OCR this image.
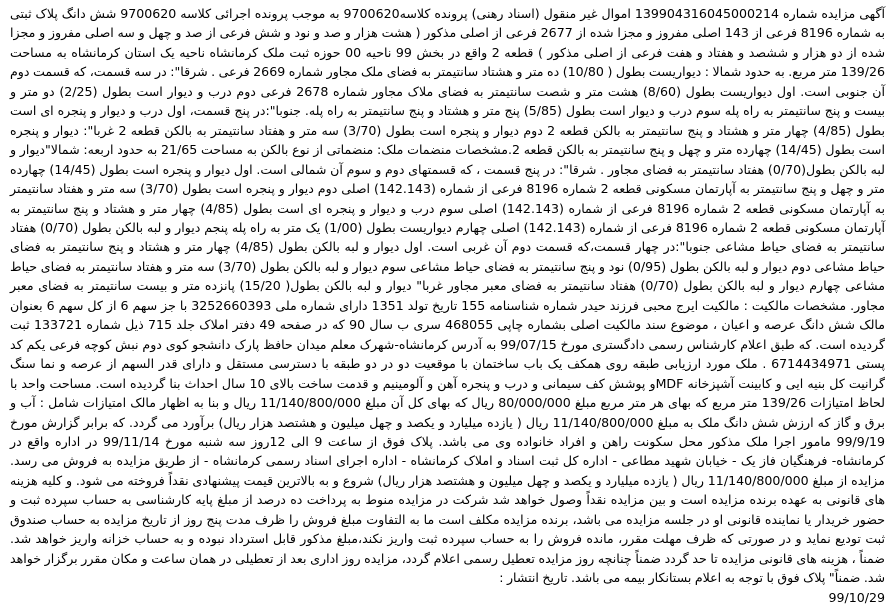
آگهی مزایده شماره 139904316045000214 اموال غیر منقول (اسناد رهنی) پرونده کلاسه9700620 به موجب پرونده اجرائی کلاسه 9700620 شش دانگ پلاک ثبتی به شماره 8196 فرعی از 143 اصلی مفروز و مجزا شده از 2677 فرعی از اصلی مذکور ( هشت هزار و صد و نود و شش فرعی از صد و چهل و سه اصلی مفروز و مجزا شده از دو هزار و ششصد و هفتاد و هفت فرعی از اصلی مذکور ) قطعه 2 واقع در بخش 99 ناحیه 00 حوزه ثبت ملک کرمانشاه ناحیه یک استان کرمانشاه به مساحت 139/26 متر مربع. به حدود شمالا : دیواریست بطول ( 10/80) ده متر و هشتاد سانتیمتر به فضای ملک مجاور شماره 2669 فرعی . شرقا": در سه قسمت، که قسمت دوم آن جنوبی است. اول دیواریست بطول (8/60) هشت متر و شصت سانتیمتر به فضای ملاک مجاور شماره 2678 فرعی دوم درب و دیوار است بطول (2/25) دو متر و بیست و پنج سانتیمتر به راه پله سوم درب و دیوار است بطول (5/85) پنج متر و هشتاد و پنج سانتیمتر به راه پله. جنوبا":در پنج قسمت، اول درب و دیوار و پنجره ای است بطول (4/85) چهار متر و هشتاد و پنج سانتیمتر به بالکن قطعه 2 دوم دیوار و پنجره است بطول (3/70) سه متر و هفتاد سانتیمتر به بالکن قطعه 2 غربا": دیوار و پنجره است بطول (14/45) چهارده متر و چهل و پنج سانتیمتر به بالکن قطعه 2.مشخصات منضمات ملک: منضماتی از نوع بالکن به مساحت 21/65 به حدود اربعه: شمالا"دیوار و لبه بالکن بطول(0/70) هفتاد سانتیمتر به فضای مجاور . شرقا": در پنج قسمت ، که قسمتهای دوم و سوم آن شمالی است. اول دیوار و پنجره است بطول (14/45) چهارده متر و چهل و پنج سانتیمتر به آپارتمان مسکونی قطعه 2 شماره 8196 فرعی از شماره (142.143) اصلی دوم دیوار و پنجره است بطول (3/70) سه متر و هفتاد سانتیمتر به آپارتمان مسکونی قطعه 2 شماره 8196 فرعی از شماره (142.143) اصلی سوم درب و دیوار و پنجره ای است بطول (4/85) چهار متر و هشتاد و پنج سانتیمتر به آپارتمان مسکونی قطعه 2 شماره 8196 فرعی از شماره (142.143) اصلی چهارم دیواریست بطول (1/00) یک متر به راه پله پنجم دیوار و لبه بالکن بطول (0/70) هفتاد سانتیمتر به فضای حیاط مشاعی جنوبا":در چهار قسمت،که قسمت دوم آن غربی است. اول دیوار و لبه بالکن بطول (4/85) چهار متر و هشتاد و پنج سانتیمتر به فضای حیاط مشاعی دوم دیوار و لبه بالکن بطول (0/95) نود و پنج سانتیمتر به فضای حیاط مشاعی سوم دیوار و لبه بالکن بطول (3/70) سه متر و هفتاد سانتیمتر به فضای حیاط مشاعی چهارم دیوار و لبه بالکن بطول (0/70) هفتاد سانتیمتر به فضای معبر مجاور غربا" دیوار و لبه بالکن بطول( 15/20) پانزده متر و بیست سانتیمتر به فضای معبر مجاور. مشخصات مالکیت : مالکیت ایرج محبی فرزند حیدر شماره شناسنامه 155 تاریخ تولد 1351 دارای شماره ملی 3252660393 با جز سهم 6 از کل سهم 6 بعنوان مالک شش دانگ عرصه و اعیان ، موضوع سند مالکیت اصلی بشماره چاپی 468055 سری ب سال 90 که در صفحه 49 دفتر املاک جلد 715 ذیل شماره 133721 ثبت گردیده است. که طبق اعلام کارشناس رسمی دادگستری مورخ 99/07/15 به آدرس کرمانشاه-شهرک معلم میدان حافظ پارک دانشجو کوی دوم نبش کوچه فرعی یکم کد پستی 6714434971 . ملک مورد ارزیابی طبقه روی همکف یک باب ساختمان با موقعیت دو در دو طبقه با دسترسی مستقل و دارای قدر السهم از عرصه و نما سنگ گرانیت کل بنیه ایی و کابینت آشپزخانه MDFو پوشش کف سیمانی و درب و پنجره آهن و آلومینیم و قدمت ساخت بالای 10 سال احداث بنا گردیده است. مساحت واحد با لحاظ امتیازات 139/26 متر مربع که بهای هر متر مربع مبلغ 80/000/000 ریال که بهای کل آن مبلغ 11/140/800/000 ریال و بنا به اظهار مالک امتیازات شامل : آب و برق و گاز که ارزش شش دانگ ملک به مبلغ 11/140/800/000 ریال ( یازده میلیارد و یکصد و چهل میلیون و هشتصد هزار ریال) برآورد می گردد. که برابر گزارش مورخ 99/9/19 مامور اجرا ملک مذکور محل سکونت راهن و افراد خانواده وی می باشد. پلاک فوق از ساعت 9 الی 12روز سه شنبه مورخ 99/11/14 در اداره واقع در کرمانشاه- فرهنگیان فاز یک - خیابان شهید مطاعی - اداره کل ثبت اسناد و املاک کرمانشاه - اداره اجرای اسناد رسمی کرمانشاه - از طریق مزایده به فروش می رسد. مزایده از مبلغ 11/140/800/000 ریال ( یازده میلیارد و یکصد و چهل میلیون و هشتصد هزار ریال) شروع و به بالاترین قیمت پیشنهادی نقداً فروخته می شود. و کلیه هزینه های قانونی به عهده برنده مزایده است و بین مزایده نقداً وصول خواهد شد شرکت در مزایده منوط به پرداخت ده درصد از مبلغ پایه کارشناسی به حساب سپرده ثبت و حضور خریدار یا نماینده قانونی او در جلسه مزایده می باشد، برنده مزایده مکلف است ما به التفاوت مبلغ فروش را ظرف مدت پنج روز از تاریخ مزایده به حساب صندوق ثبت تودیع نماید و در صورتی که ظرف مهلت مقرر، مانده فروش را به حساب سپرده ثبت واریز نکند،مبلغ مذکور قابل استرداد نبوده و به حساب خزانه واریز خواهد شد. ضمناً ، هزینه های قانونی مزایده تا حد گردد ضمناً چنانچه روز مزایده تعطیل رسمی اعلام گردد، مزایده روز اداری بعد از تعطیلی در همان ساعت و مکان مقرر برگزار خواهد شد. ضمناً" پلاک فوق با توجه به اعلام بستانکار بیمه می باشد. تاریخ انتشار :

99/10/29
